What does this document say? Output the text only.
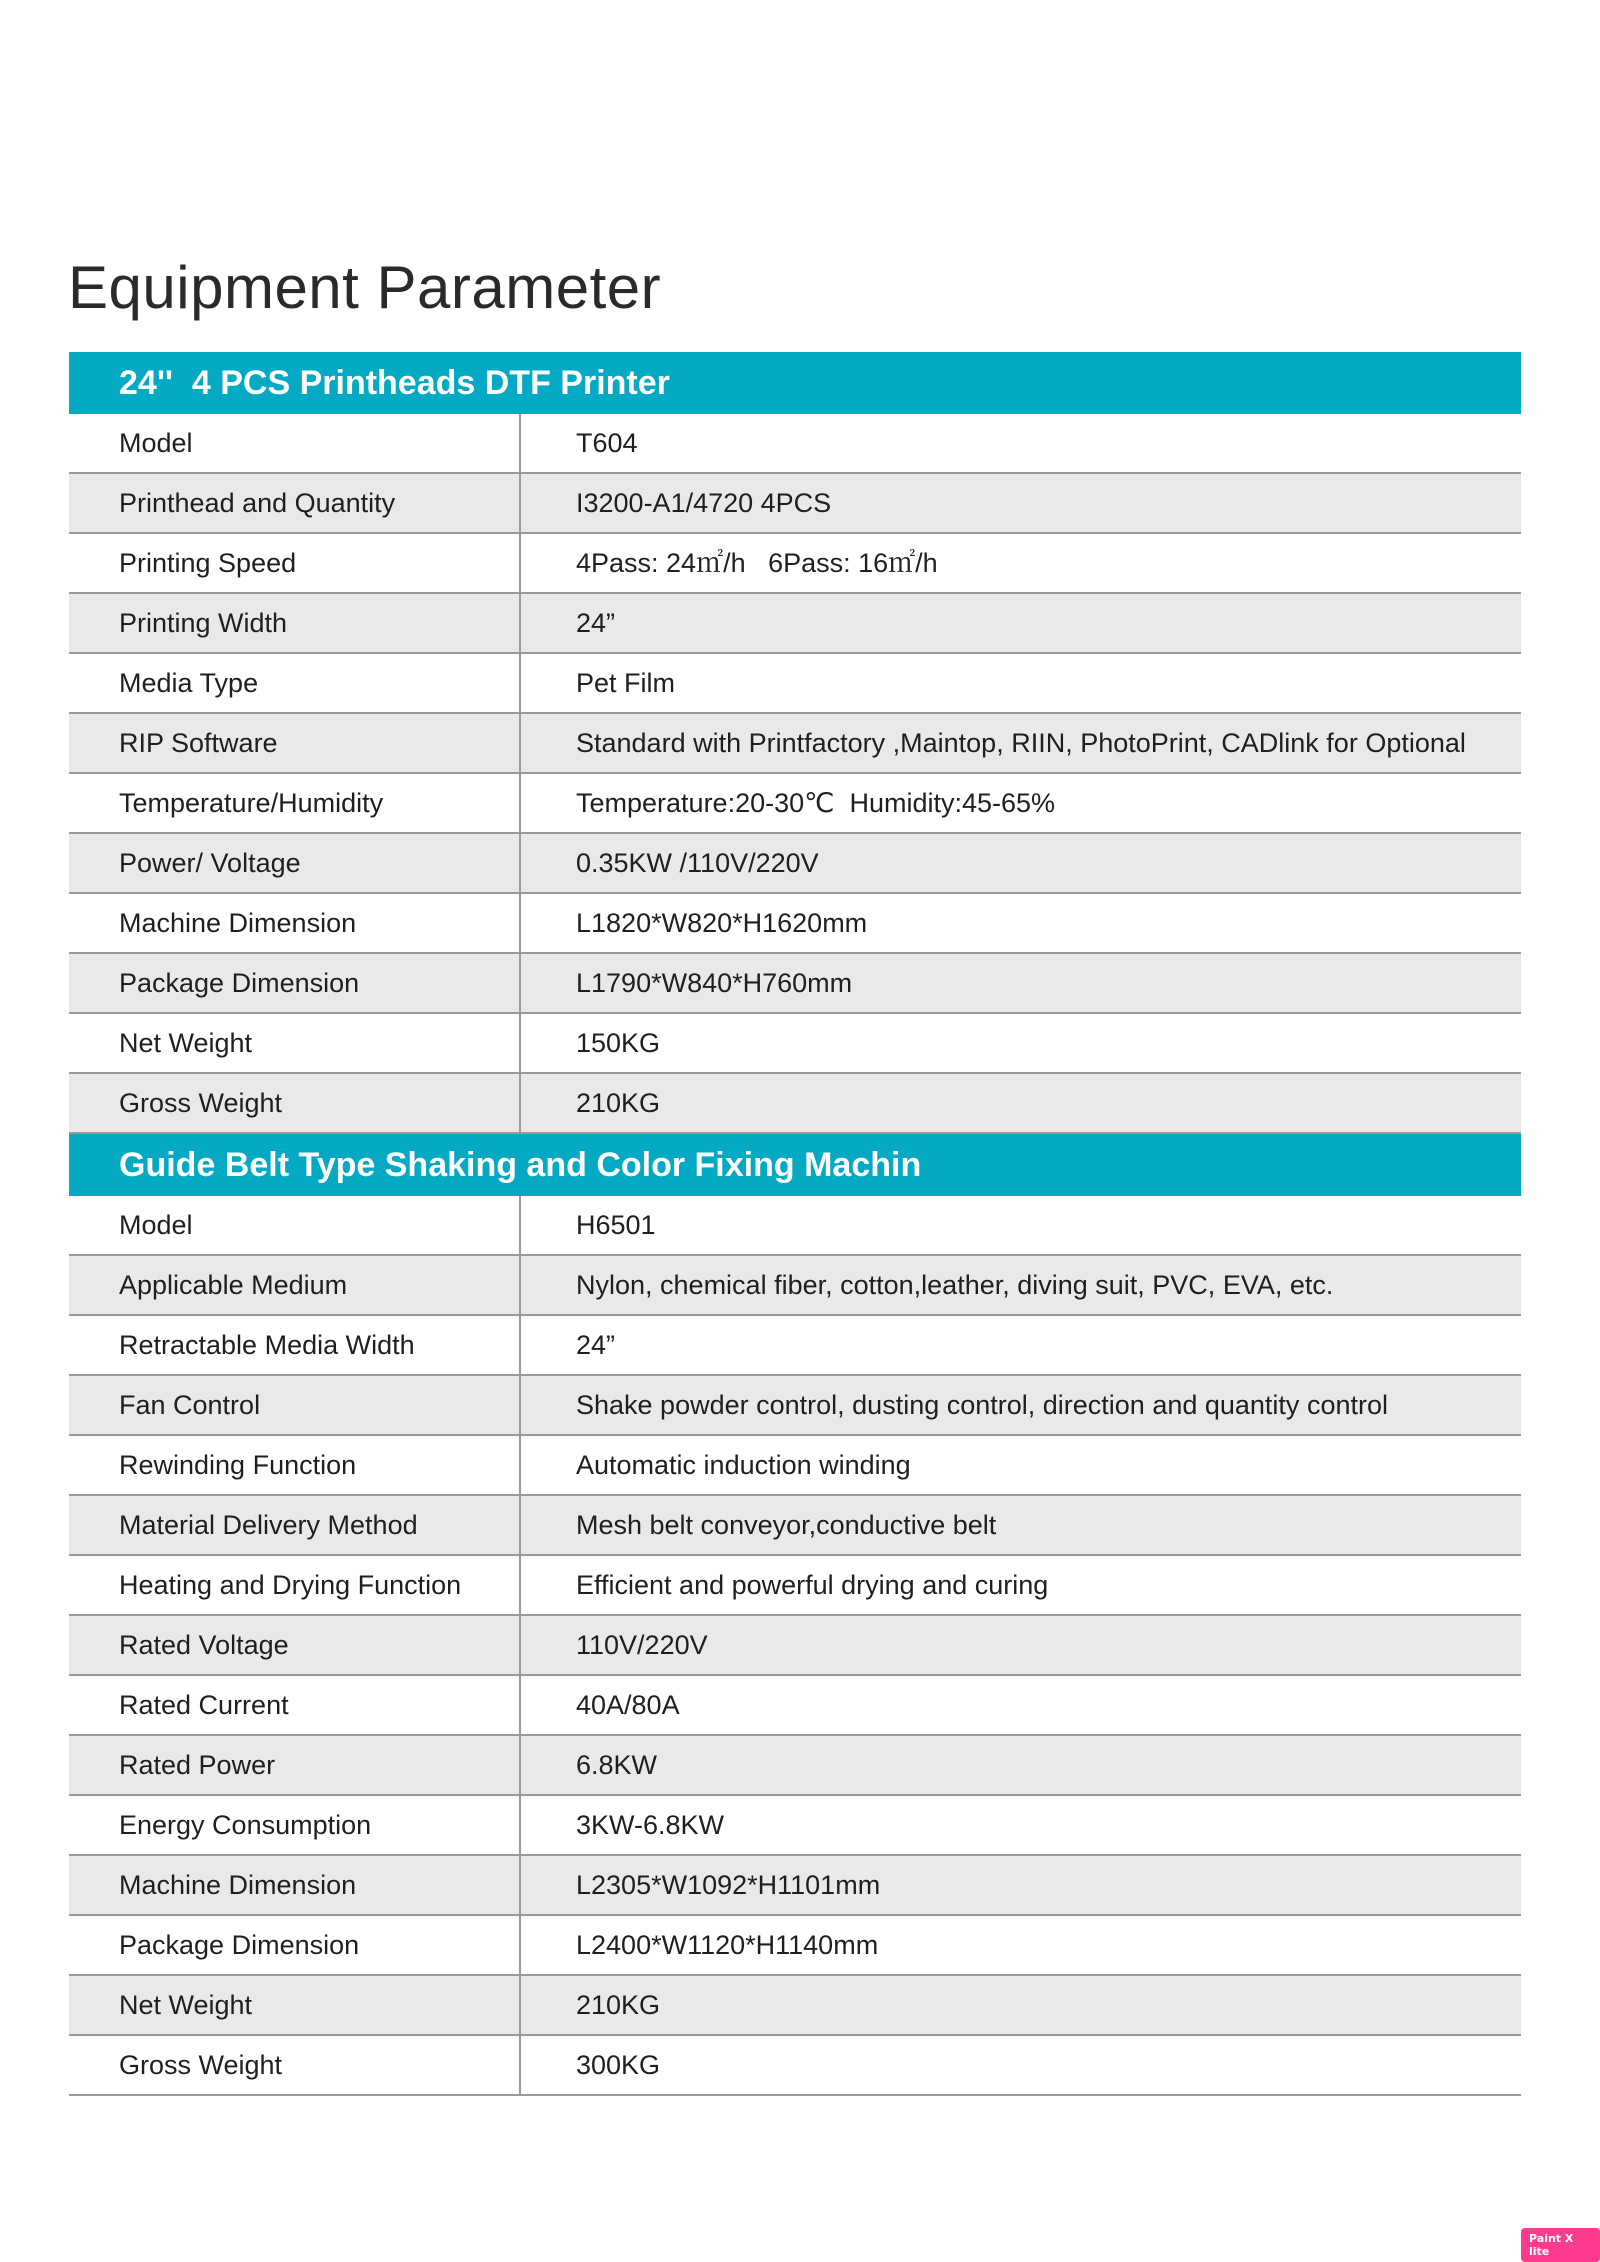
Equipment Parameter
24''  4 PCS Printheads DTF Printer
Model	T604
Printhead and Quantity	I3200-A1/4720 4PCS
Printing Speed	4Pass: 24㎡/h   6Pass: 16㎡/h
Printing Width	24”
Media Type	Pet Film
RIP Software	Standard with Printfactory ,Maintop, RIIN, PhotoPrint, CADlink for Optional
Temperature/Humidity	Temperature:20-30℃  Humidity:45-65%
Power/ Voltage	0.35KW /110V/220V
Machine Dimension	L1820*W820*H1620mm
Package Dimension	L1790*W840*H760mm
Net Weight	150KG
Gross Weight	210KG
Guide Belt Type Shaking and Color Fixing Machin
Model	H6501
Applicable Medium	Nylon, chemical fiber, cotton,leather, diving suit, PVC, EVA, etc.
Retractable Media Width	24”
Fan Control	Shake powder control, dusting control, direction and quantity control
Rewinding Function	Automatic induction winding
Material Delivery Method	Mesh belt conveyor,conductive belt
Heating and Drying Function	Efficient and powerful drying and curing
Rated Voltage	110V/220V
Rated Current	40A/80A
Rated Power	6.8KW
Energy Consumption	3KW-6.8KW
Machine Dimension	L2305*W1092*H1101mm
Package Dimension	L2400*W1120*H1140mm
Net Weight	210KG
Gross Weight	300KG
Paint X lite
